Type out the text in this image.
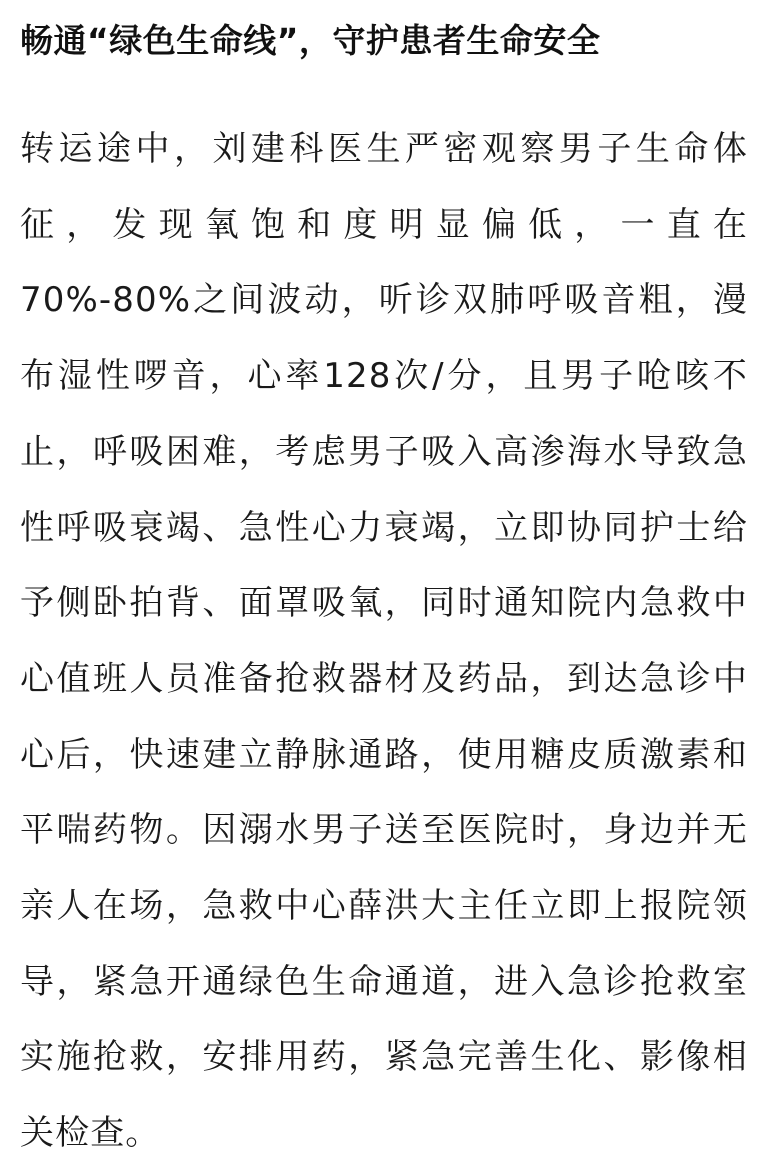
畅通“绿色生命线”，守护患者生命安全

转运途中，刘建科医生严密观察男子生命体征，发现氧饱和度明显偏低，一直在70%-80%之间波动，听诊双肺呼吸音粗，漫布湿性啰音，心率128次/分，且男子呛咳不止，呼吸困难，考虑男子吸入高渗海水导致急性呼吸衰竭、急性心力衰竭，立即协同护士给予侧卧拍背、面罩吸氧，同时通知院内急救中心值班人员准备抢救器材及药品，到达急诊中心后，快速建立静脉通路，使用糖皮质激素和平喘药物。因溺水男子送至医院时，身边并无亲人在场，急救中心薛洪大主任立即上报院领导，紧急开通绿色生命通道，进入急诊抢救室实施抢救，安排用药，紧急完善生化、影像相关检查。
